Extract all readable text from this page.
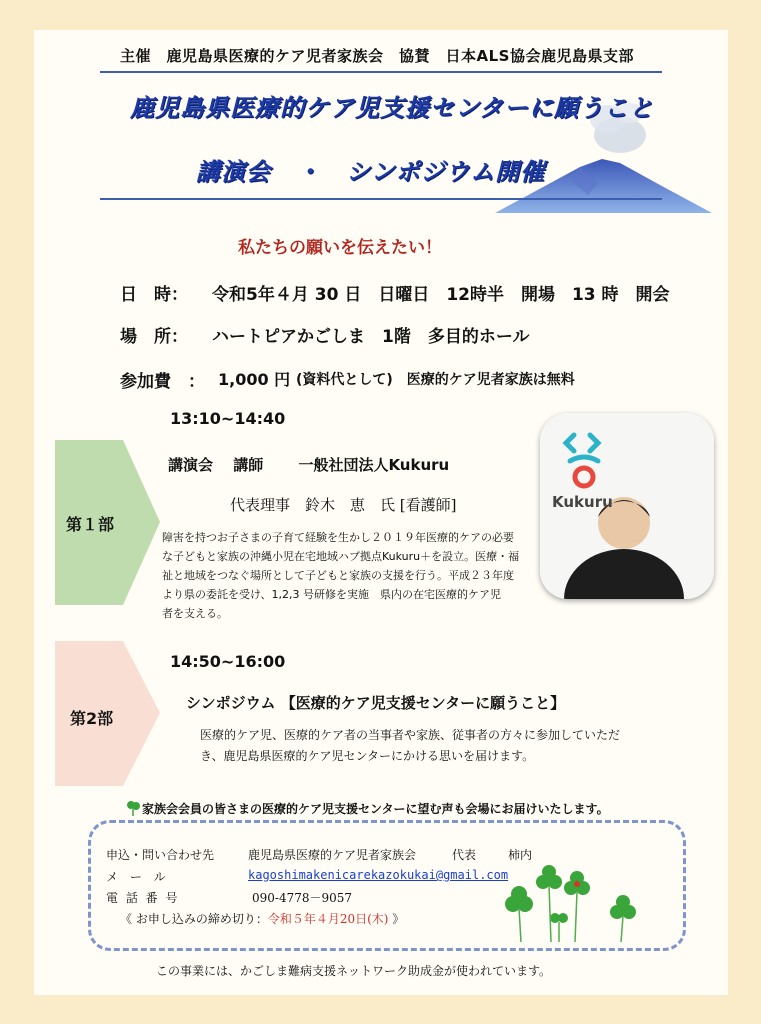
主催　鹿児島県医療的ケア児者家族会　協賛　日本ALS協会鹿児島県支部
鹿児島県医療的ケア児支援センターに願うこと
講演会　・　シンポジウム開催
私たちの願いを伝えたい！
日　時： 令和5年４月 30 日　日曜日　12時半　開場　13 時　開会
場　所： ハートピアかごしま　1階　多目的ホール
参加費　： 1,000 円 (資料代として)　医療的ケア児者家族は無料
13:10~14:40
第１部
講演会　 講師　 　一般社団法人Kukuru
代表理事　鈴木　恵　氏 [看護師]
障害を持つお子さまの子育て経験を生かし２０１９年医療的ケアの必要な子どもと家族の沖縄小児在宅地域ハブ拠点Kukuru＋を設立。医療・福祉と地域をつなぐ場所として子どもと家族の支援を行う。平成２３年度より県の委託を受け、1,2,3 号研修を実施　県内の在宅医療的ケア児　者を支える。
Kukuru
14:50~16:00
第2部
シンポジウム 【医療的ケア児支援センターに願うこと】
医療的ケア児、医療的ケア者の当事者や家族、従事者の方々に参加していただき、鹿児島県医療的ケア児センターにかける思いを届けます。
家族会会員の皆さまの医療的ケア児支援センターに望む声も会場にお届けいたします。
申込・問い合わせ先	鹿児島県医療的ケア児者家族会	代表	柿内
メ ー ル	kagoshimakenicarekazokukai@gmail.com
電 話 番 号	090-4778－9057
《 お申し込みの締め切り：令和５年４月20日(木) 》
この事業には、かごしま難病支援ネットワーク助成金が使われています。
